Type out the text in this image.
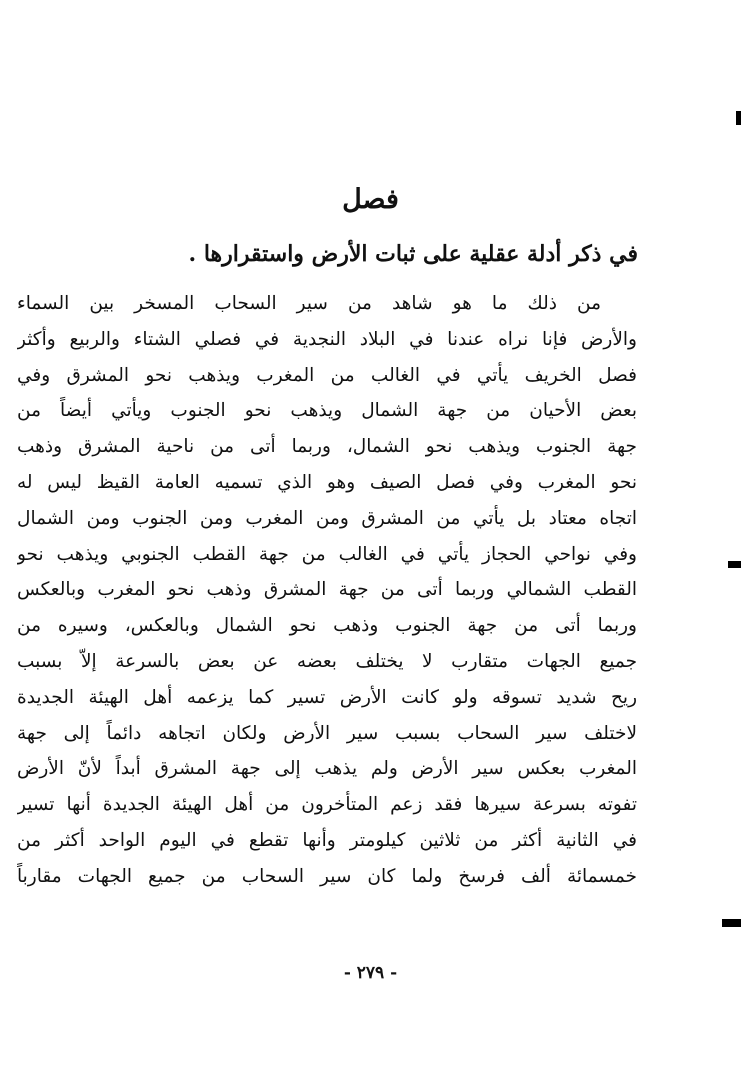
فصل
في ذكر أدلة عقلية على ثبات الأرض واستقرارها .
من ذلك ما هو شاهد من سير السحاب المسخر بين السماء
والأرض فإنا نراه عندنا في البلاد النجدية في فصلي الشتاء والربيع وأكثر
فصل الخريف يأتي في الغالب من المغرب ويذهب نحو المشرق وفي
بعض الأحيان من جهة الشمال ويذهب نحو الجنوب ويأتي أيضاً من
جهة الجنوب ويذهب نحو الشمال، وربما أتى من ناحية المشرق وذهب
نحو المغرب وفي فصل الصيف وهو الذي تسميه العامة القيظ ليس له
اتجاه معتاد بل يأتي من المشرق ومن المغرب ومن الجنوب ومن الشمال
وفي نواحي الحجاز يأتي في الغالب من جهة القطب الجنوبي ويذهب نحو
القطب الشمالي وربما أتى من جهة المشرق وذهب نحو المغرب وبالعكس
وربما أتى من جهة الجنوب وذهب نحو الشمال وبالعكس، وسيره من
جميع الجهات متقارب لا يختلف بعضه عن بعض بالسرعة إلاّ بسبب
ريح شديد تسوقه ولو كانت الأرض تسير كما يزعمه أهل الهيئة الجديدة
لاختلف سير السحاب بسبب سير الأرض ولكان اتجاهه دائماً إلى جهة
المغرب بعكس سير الأرض ولم يذهب إلى جهة المشرق أبداً لأنّ الأرض
تفوته بسرعة سيرها فقد زعم المتأخرون من أهل الهيئة الجديدة أنها تسير
في الثانية أكثر من ثلاثين كيلومتر وأنها تقطع في اليوم الواحد أكثر من
خمسمائة ألف فرسخ ولما كان سير السحاب من جميع الجهات مقارباً
- ٢٧٩ -
